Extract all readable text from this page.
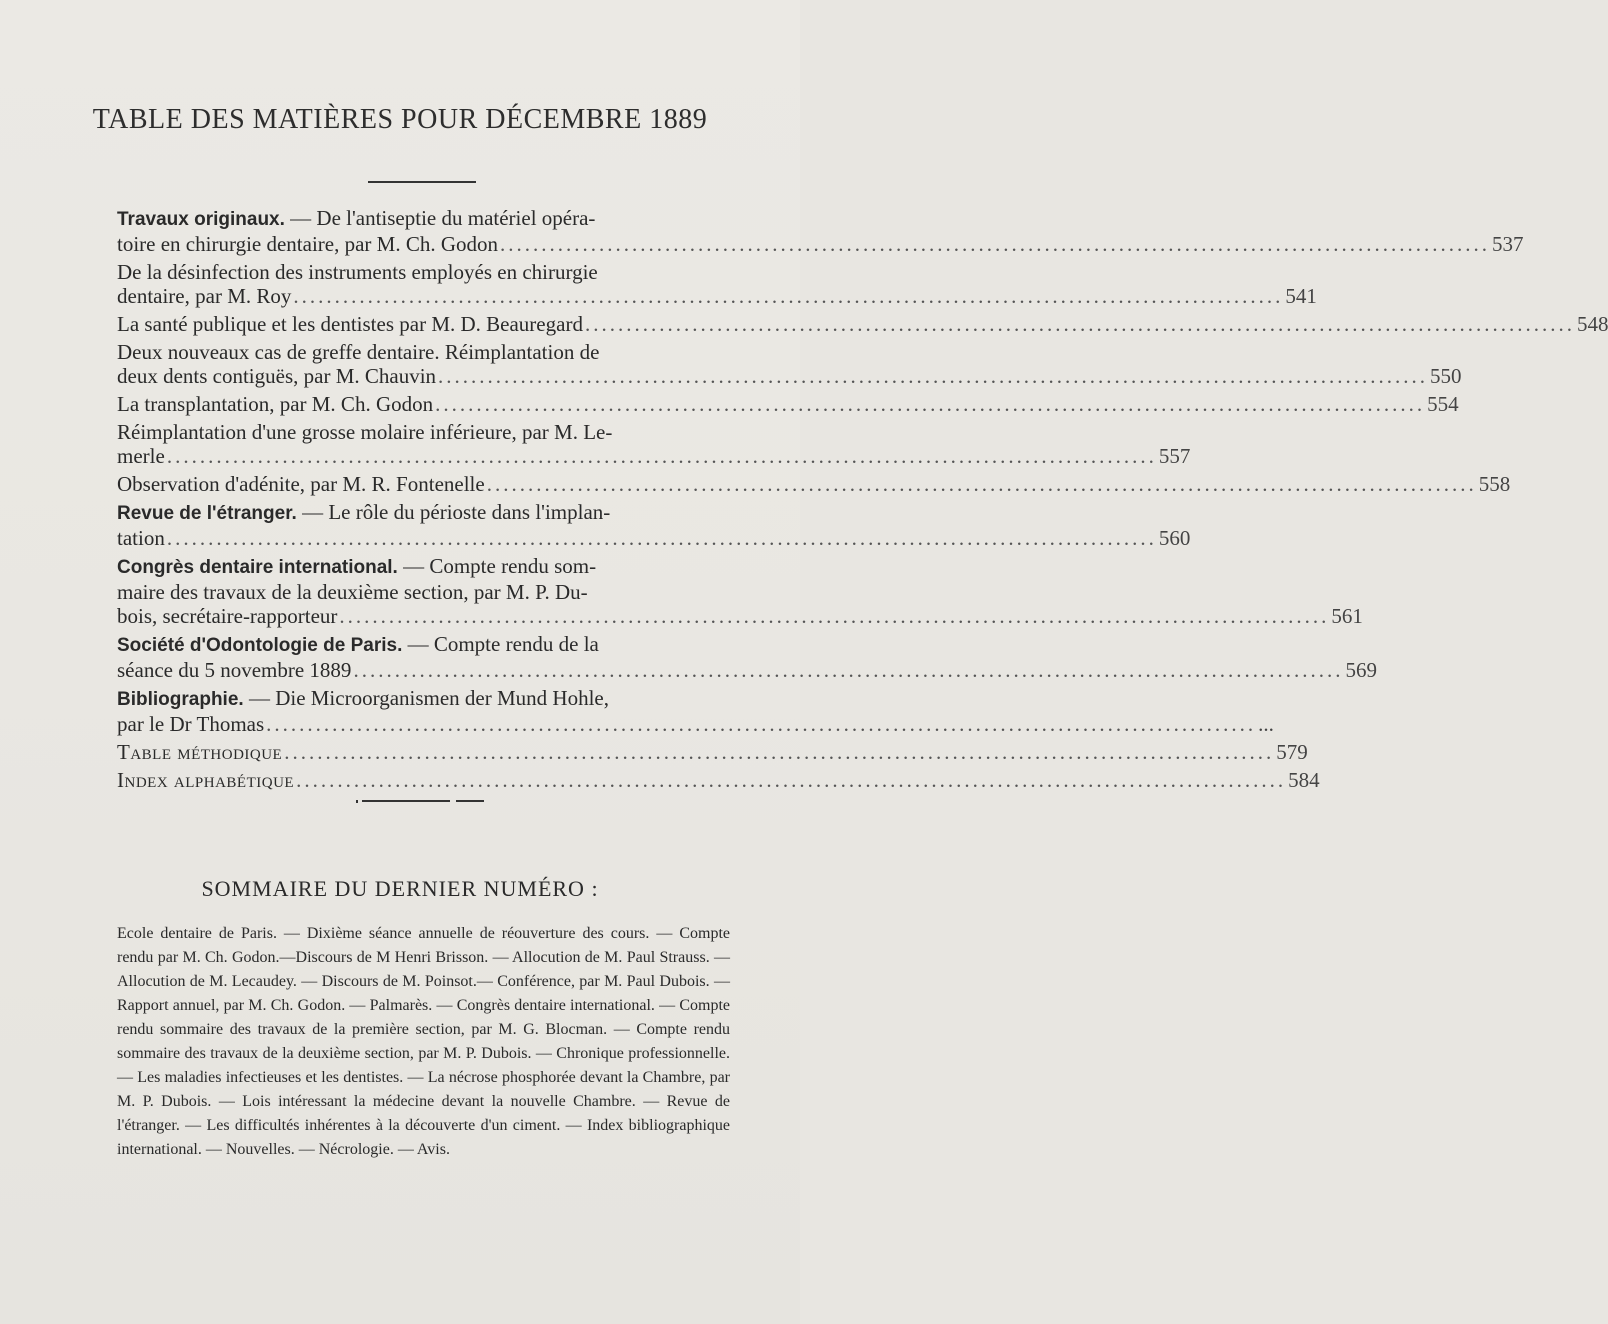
TABLE DES MATIÈRES POUR DÉCEMBRE 1889
Travaux originaux. — De l'antiseptie du matériel opéra-
toire en chirurgie dentaire, par M. Ch. Godon .....	537
De la désinfection des instruments employés en chirurgie
dentaire, par M. Roy .....	541
La santé publique et les dentistes par M. D. Beauregard .....	548
Deux nouveaux cas de greffe dentaire. Réimplantation de
deux dents contiguës, par M. Chauvin .....	550
La transplantation, par M. Ch. Godon .....	554
Réimplantation d'une grosse molaire inférieure, par M. Le-
merle .....	557
Observation d'adénite, par M. R. Fontenelle .....	558
Revue de l'étranger. — Le rôle du périoste dans l'implan-
tation .....	560
Congrès dentaire international. — Compte rendu som-
maire des travaux de la deuxième section, par M. P. Du-
bois, secrétaire-rapporteur .....	561
Société d'Odontologie de Paris. — Compte rendu de la
séance du 5 novembre 1889 .....	569
Bibliographie. — Die Microorganismen der Mund Hohle,
par le Dr Thomas .....	...
Table méthodique .....	579
Index alphabétique .....	584
SOMMAIRE DU DERNIER NUMÉRO :
Ecole dentaire de Paris. — Dixième séance annuelle de réouverture des cours. — Compte rendu par M. Ch. Godon.—Discours de M Henri Brisson. — Allocution de M. Paul Strauss. — Allocution de M. Lecaudey. — Discours de M. Poinsot.— Conférence, par M. Paul Dubois. — Rapport annuel, par M. Ch. Godon. — Palmarès. — Congrès dentaire international. — Compte rendu sommaire des travaux de la première section, par M. G. Blocman. — Compte rendu sommaire des travaux de la deuxième section, par M. P. Dubois. — Chronique professionnelle. — Les maladies infectieuses et les dentistes. — La nécrose phosphorée devant la Chambre, par M. P. Dubois. — Lois intéressant la médecine devant la nouvelle Chambre. — Revue de l'étranger. — Les difficultés inhérentes à la découverte d'un ciment. — Index bibliographique international. — Nouvelles. — Nécrologie. — Avis.
